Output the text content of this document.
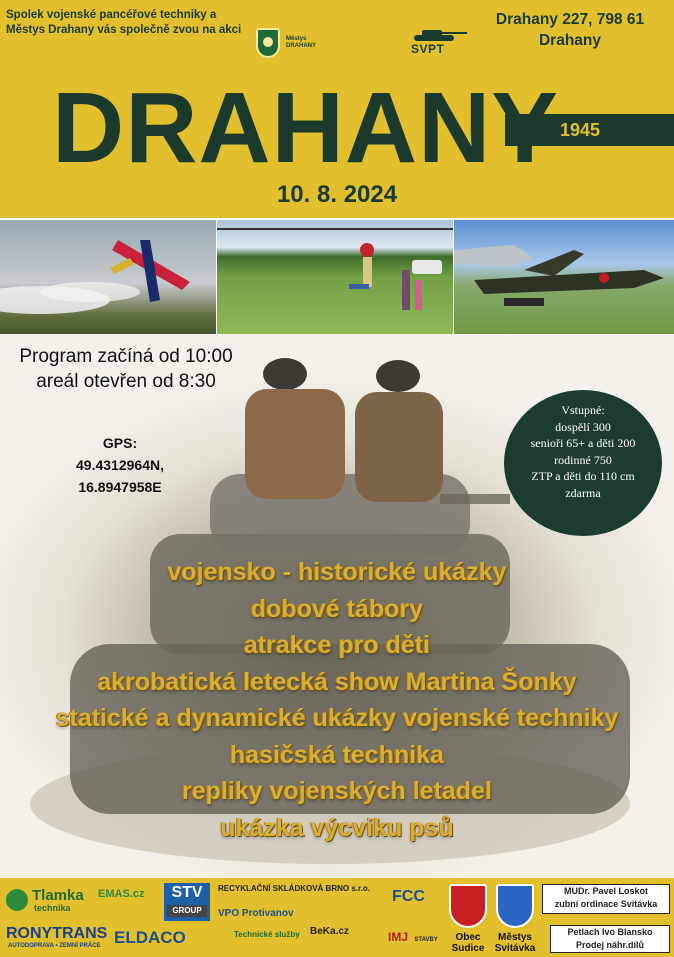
Spolek vojenské pancéřové techniky a
Městys Drahany vás společně zvou na akci
Městys
DRAHANY	SVPT
Drahany 227, 798 61
Drahany
1945
DRAHANY
10. 8. 2024
Program začíná od 10:00
areál otevřen od 8:30
GPS:
49.4312964N,
16.8947958E
Vstupné:
dospělí 300
senioři 65+ a děti 200
rodinné 750
ZTP a děti do 110 cm
zdarma
vojensko - historické ukázky
dobové tábory
atrakce pro děti
akrobatická letecká show Martina Šonky
statické a dynamické ukázky vojenské techniky
hasičská technika
repliky vojenských letadel
ukázka výcviku psů
Tlamka
technika
EMAS.cz	STV
GROUP
RECYKLAČNÍ SKLÁDKOVÁ BRNO s.r.o.
VPO Protivanov
FCC	MUDr. Pavel Loskot
zubní ordinace Svitávka
RONYTRANS
AUTODOPRAVA • ZEMNÍ PRÁCE ELDACO	Technické služby BeKa.cz	IMJ STAVBY	Obec
Sudice
Městys
Svitávka
Petlach Ivo Blansko
Prodej náhr.dílů
